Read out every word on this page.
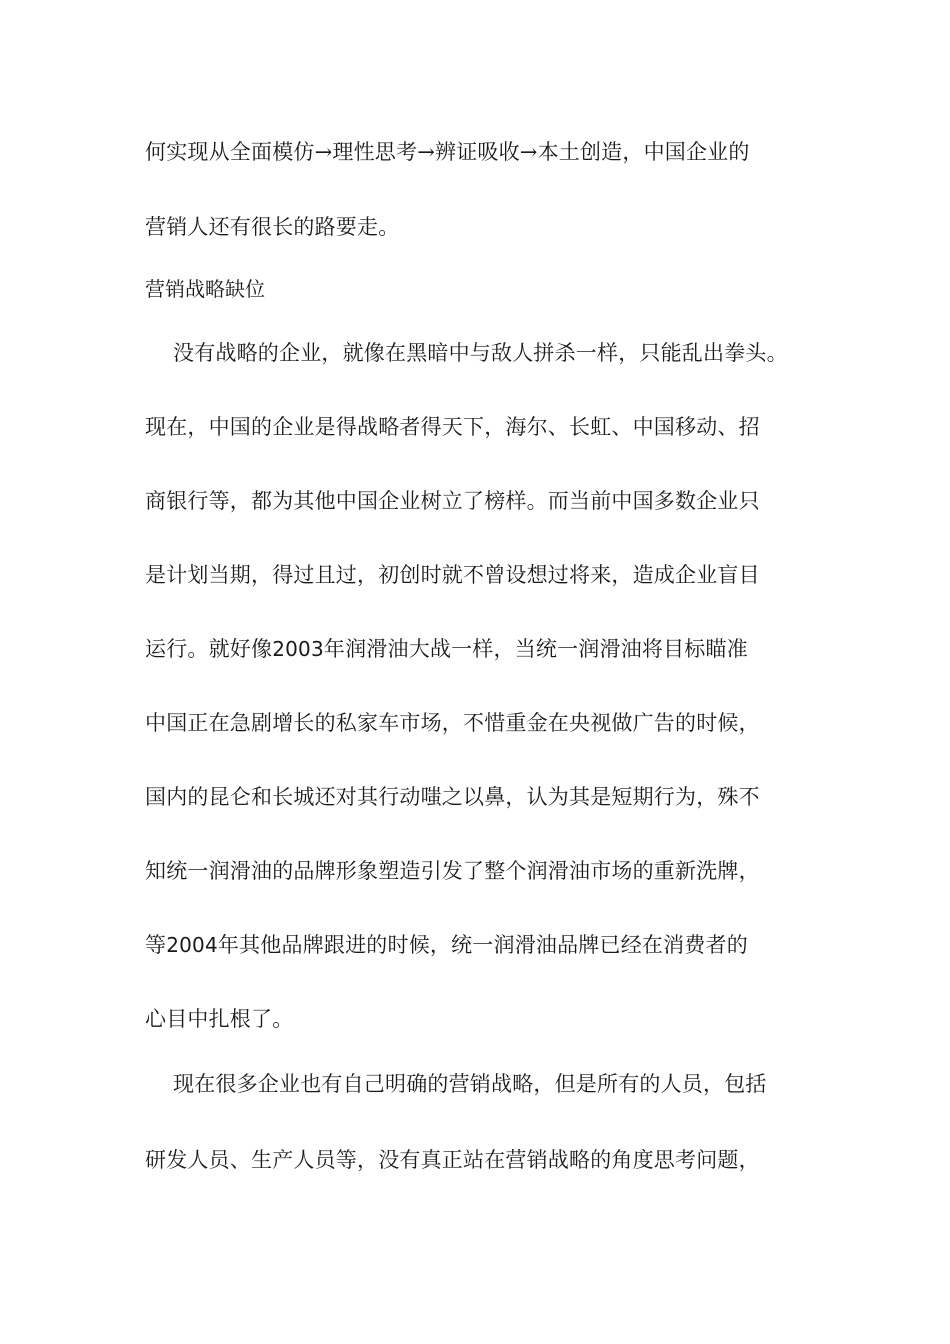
何实现从全面模仿→理性思考→辨证吸收→本土创造，中国企业的
营销人还有很长的路要走。
营销战略缺位
没有战略的企业，就像在黑暗中与敌人拼杀一样，只能乱出拳头。
现在，中国的企业是得战略者得天下，海尔、长虹、中国移动、招
商银行等，都为其他中国企业树立了榜样。而当前中国多数企业只
是计划当期，得过且过，初创时就不曾设想过将来，造成企业盲目
运行。就好像2003年润滑油大战一样，当统一润滑油将目标瞄准
中国正在急剧增长的私家车市场，不惜重金在央视做广告的时候，
国内的昆仑和长城还对其行动嗤之以鼻，认为其是短期行为，殊不
知统一润滑油的品牌形象塑造引发了整个润滑油市场的重新洗牌，
等2004年其他品牌跟进的时候，统一润滑油品牌已经在消费者的
心目中扎根了。
现在很多企业也有自己明确的营销战略，但是所有的人员，包括
研发人员、生产人员等，没有真正站在营销战略的角度思考问题，
